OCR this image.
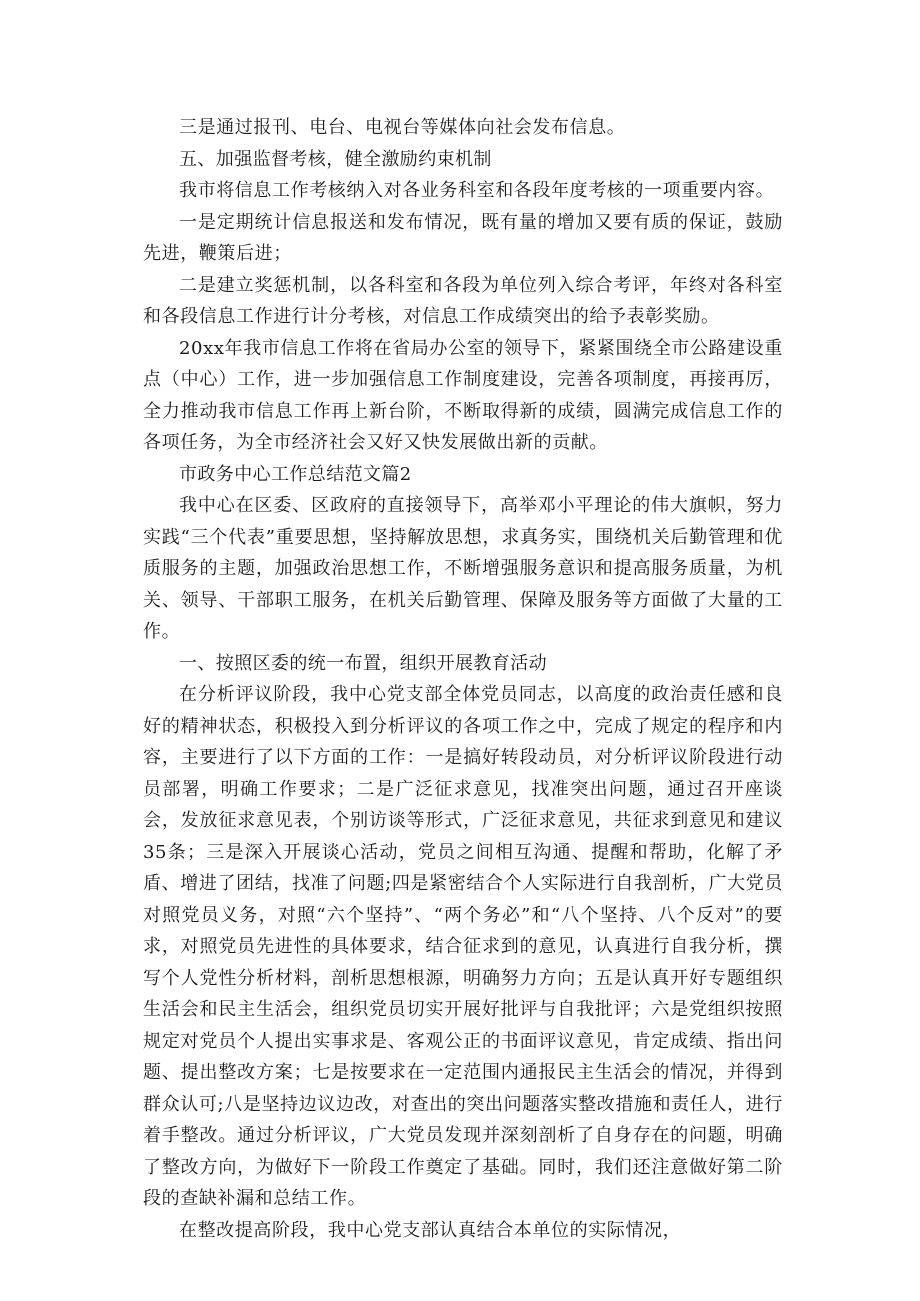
三是通过报刊、电台、电视台等媒体向社会发布信息。

五、加强监督考核，健全激励约束机制

我市将信息工作考核纳入对各业务科室和各段年度考核的一项重要内容。

一是定期统计信息报送和发布情况，既有量的增加又要有质的保证，鼓励先进，鞭策后进；

二是建立奖惩机制，以各科室和各段为单位列入综合考评，年终对各科室和各段信息工作进行计分考核，对信息工作成绩突出的给予表彰奖励。

20xx年我市信息工作将在省局办公室的领导下，紧紧围绕全市公路建设重点（中心）工作，进一步加强信息工作制度建设，完善各项制度，再接再厉，全力推动我市信息工作再上新台阶，不断取得新的成绩，圆满完成信息工作的各项任务，为全市经济社会又好又快发展做出新的贡献。

市政务中心工作总结范文篇2

我中心在区委、区政府的直接领导下，高举邓小平理论的伟大旗帜，努力实践“三个代表”重要思想，坚持解放思想，求真务实，围绕机关后勤管理和优质服务的主题，加强政治思想工作，不断增强服务意识和提高服务质量，为机关、领导、干部职工服务，在机关后勤管理、保障及服务等方面做了大量的工作。

一、按照区委的统一布置，组织开展教育活动

在分析评议阶段，我中心党支部全体党员同志，以高度的政治责任感和良好的精神状态，积极投入到分析评议的各项工作之中，完成了规定的程序和内容，主要进行了以下方面的工作：一是搞好转段动员，对分析评议阶段进行动员部署，明确工作要求；二是广泛征求意见，找准突出问题，通过召开座谈会，发放征求意见表，个别访谈等形式，广泛征求意见，共征求到意见和建议35条；三是深入开展谈心活动，党员之间相互沟通、提醒和帮助，化解了矛盾、增进了团结，找准了问题;四是紧密结合个人实际进行自我剖析，广大党员对照党员义务，对照“六个坚持”、“两个务必”和“八个坚持、八个反对”的要求，对照党员先进性的具体要求，结合征求到的意见，认真进行自我分析，撰写个人党性分析材料，剖析思想根源，明确努力方向；五是认真开好专题组织生活会和民主生活会，组织党员切实开展好批评与自我批评；六是党组织按照规定对党员个人提出实事求是、客观公正的书面评议意见，肯定成绩、指出问题、提出整改方案；七是按要求在一定范围内通报民主生活会的情况，并得到群众认可;八是坚持边议边改，对查出的突出问题落实整改措施和责任人，进行着手整改。通过分析评议，广大党员发现并深刻剖析了自身存在的问题，明确了整改方向，为做好下一阶段工作奠定了基础。同时，我们还注意做好第二阶段的查缺补漏和总结工作。

在整改提高阶段，我中心党支部认真结合本单位的实际情况，
